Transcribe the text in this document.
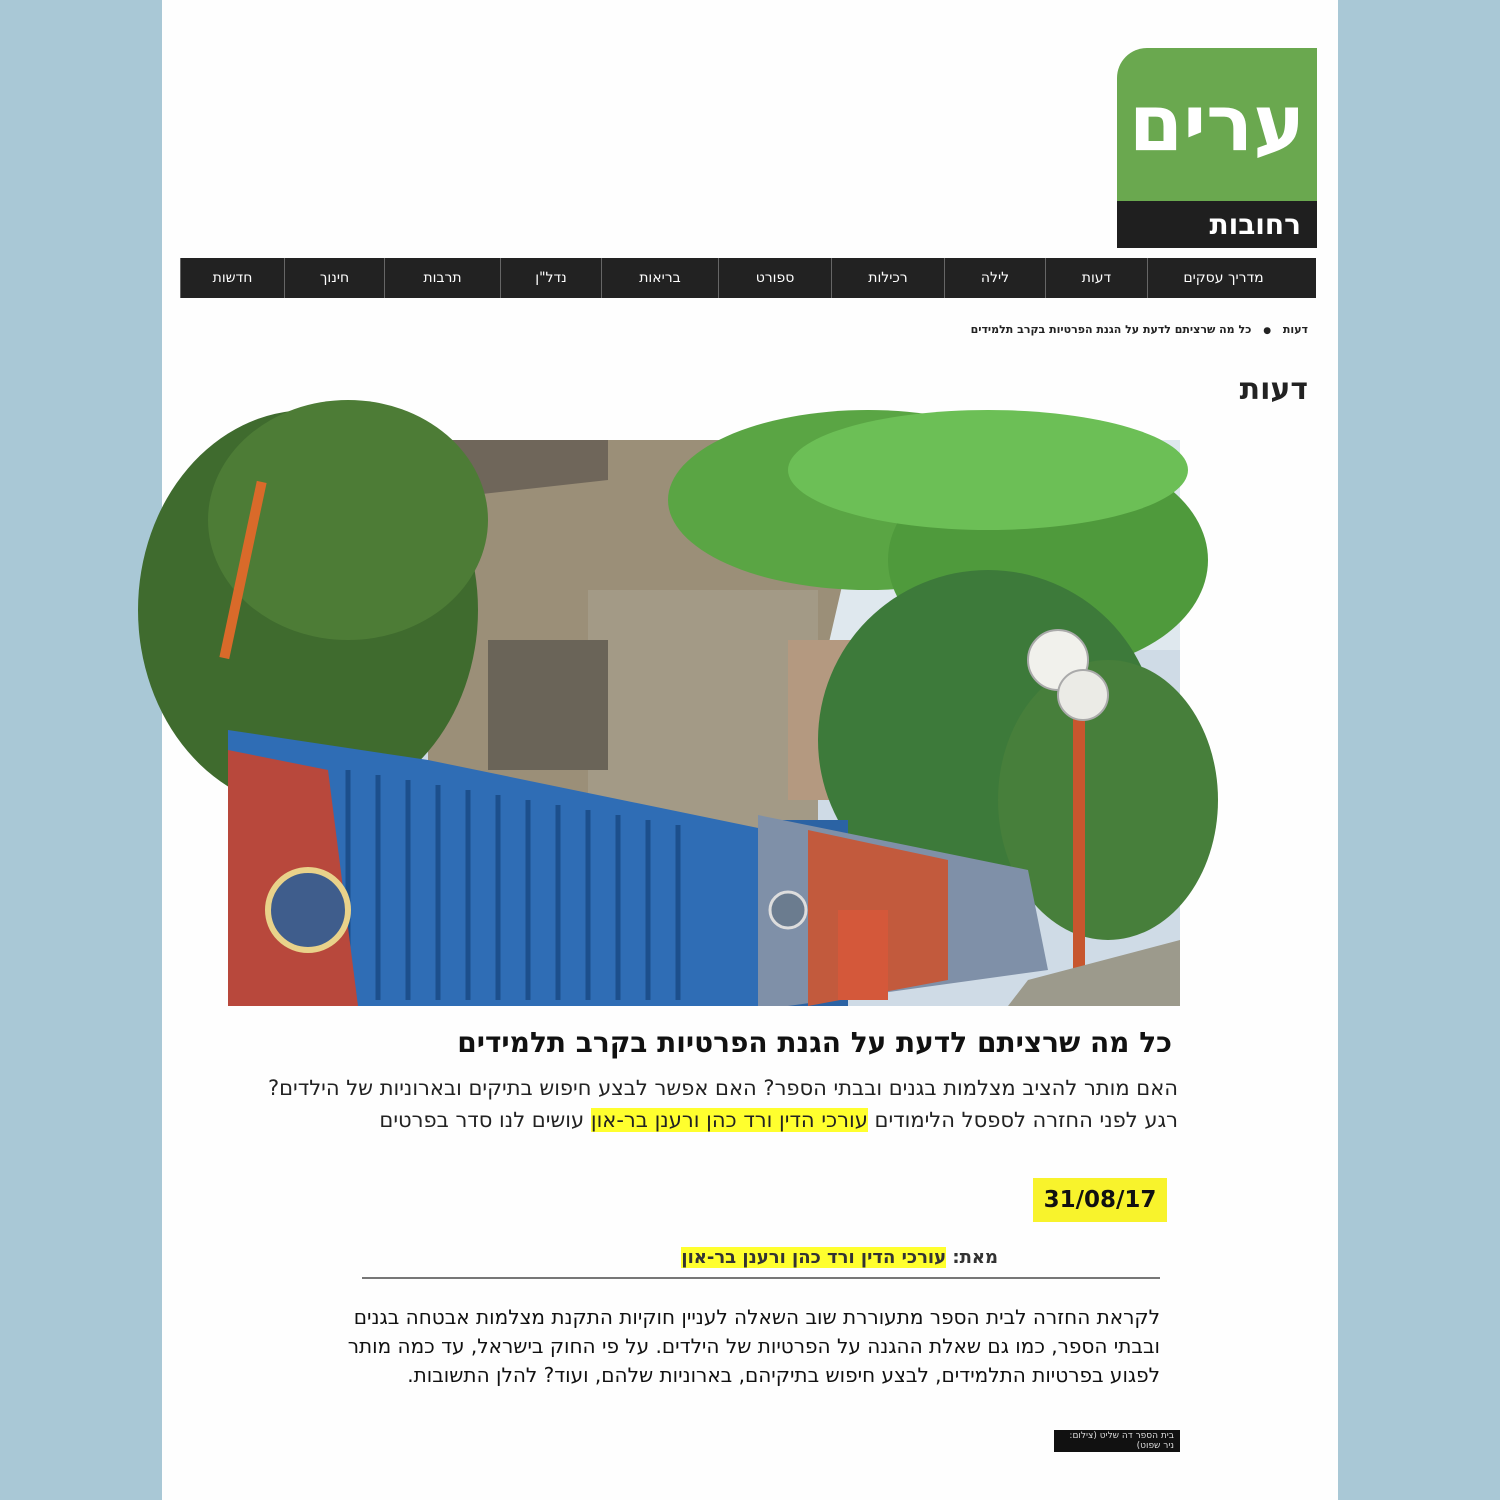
ערים
רחובות
חדשות	חינוך	תרבות	נדל"ן	בריאות	ספורט	רכילות	לילה	דעות	מדריך עסקים
דעות ● כל מה שרציתם לדעת על הגנת הפרטיות בקרב תלמידים
דעות
בית הספר דה שליט (צילום: ניר שפוט)
כל מה שרציתם לדעת על הגנת הפרטיות בקרב תלמידים
האם מותר להציב מצלמות בגנים ובבתי הספר? האם אפשר לבצע חיפוש בתיקים ובארוניות של הילדים? רגע לפני החזרה לספסל הלימודים עורכי הדין ורד כהן ורענן בר-און עושים לנו סדר בפרטים
31/08/17
מאת: עורכי הדין ורד כהן ורענן בר-און
לקראת החזרה לבית הספר מתעוררת שוב השאלה לעניין חוקיות התקנת מצלמות אבטחה בגנים ובבתי הספר, כמו גם שאלת ההגנה על הפרטיות של הילדים. על פי החוק בישראל, עד כמה מותר לפגוע בפרטיות התלמידים, לבצע חיפוש בתיקיהם, בארוניות שלהם, ועוד? להלן התשובות.
